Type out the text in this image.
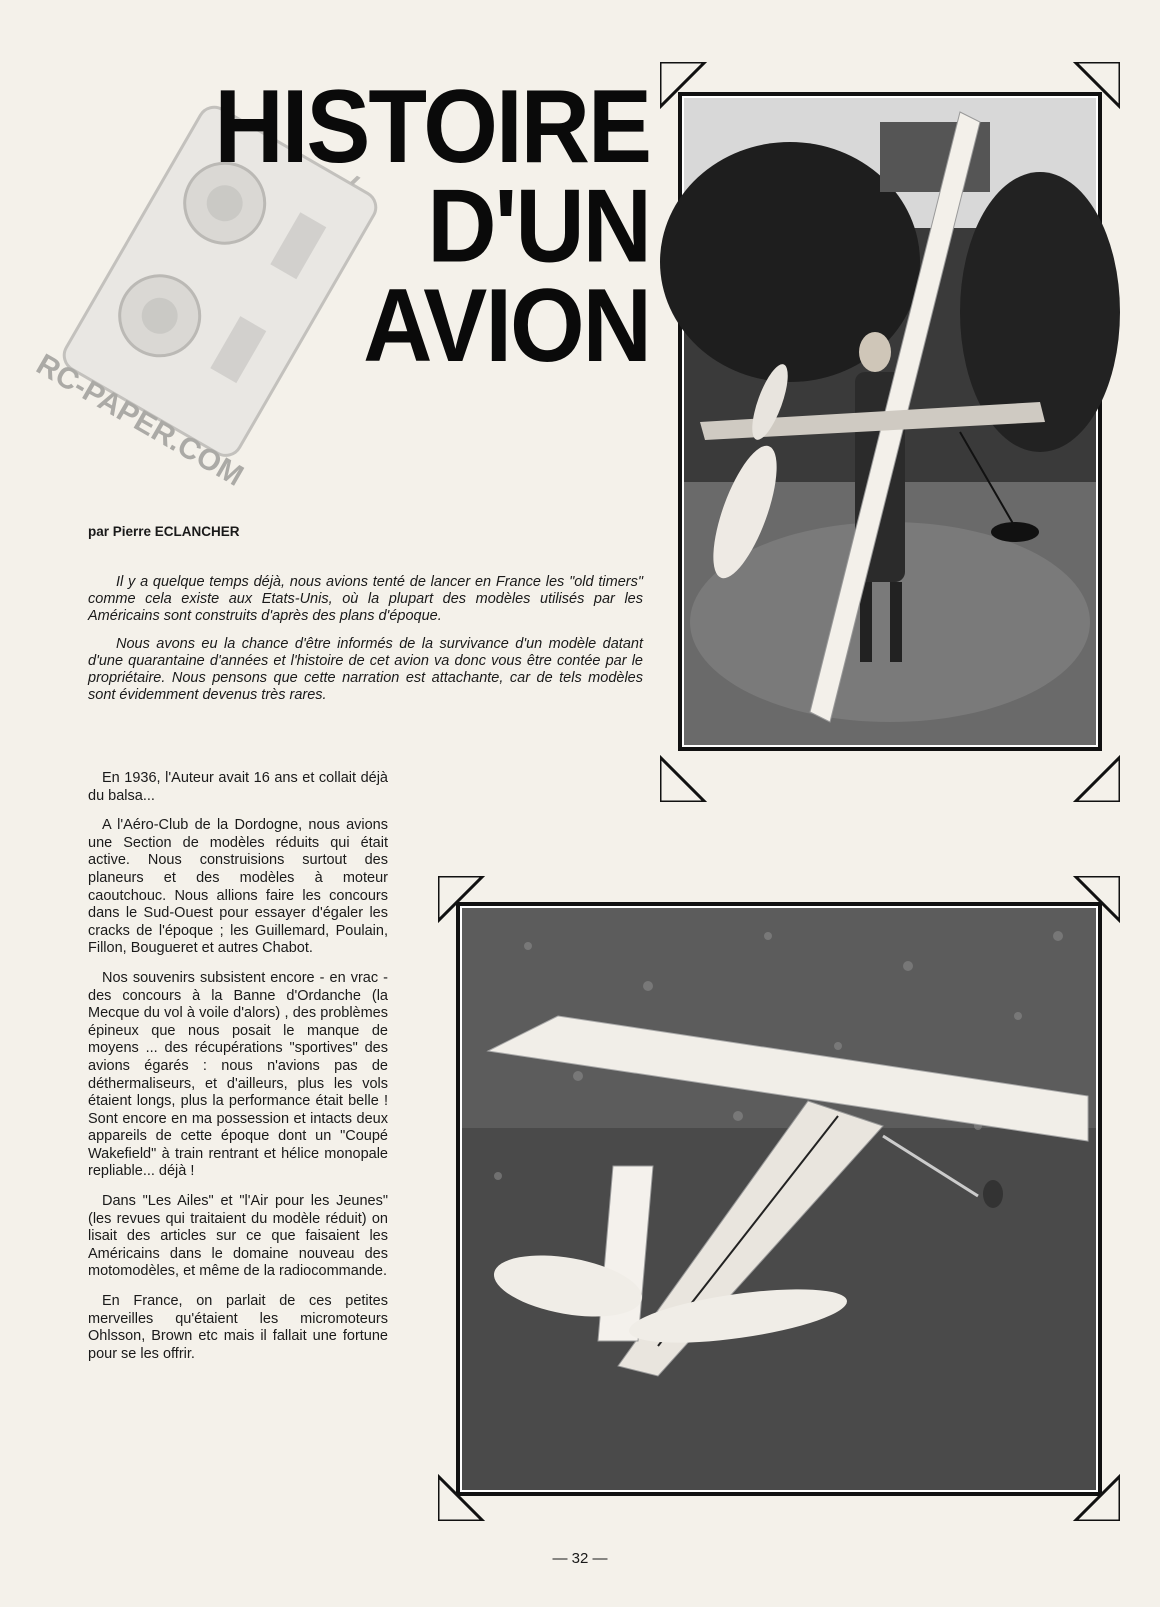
RC-PAPER.COM
HISTOIRE
D'UN
AVION
par Pierre ECLANCHER

Il y a quelque temps déjà, nous avions tenté de lancer en France les "old timers" comme cela existe aux Etats-Unis, où la plupart des modèles utilisés par les Américains sont construits d'après des plans d'époque.

Nous avons eu la chance d'être informés de la survivance d'un modèle datant d'une quarantaine d'années et l'histoire de cet avion va donc vous être contée par le propriétaire. Nous pensons que cette narration est attachante, car de tels modèles sont évidemment devenus très rares.

En 1936, l'Auteur avait 16 ans et collait déjà du balsa...

A l'Aéro-Club de la Dordogne, nous avions une Section de modèles réduits qui était active. Nous construisions surtout des planeurs et des modèles à moteur caoutchouc. Nous allions faire les concours dans le Sud-Ouest pour essayer d'égaler les cracks de l'époque ; les Guillemard, Poulain, Fillon, Bougueret et autres Chabot.

Nos souvenirs subsistent encore - en vrac - des concours à la Banne d'Ordanche (la Mecque du vol à voile d'alors) , des problèmes épineux que nous posait le manque de moyens ... des récupérations "sportives" des avions égarés : nous n'avions pas de déthermaliseurs, et d'ailleurs, plus les vols étaient longs, plus la performance était belle ! Sont encore en ma possession et intacts deux appareils de cette époque dont un "Coupé Wakefield" à train rentrant et hélice monopale repliable... déjà !

Dans "Les Ailes" et "l'Air pour les Jeunes" (les revues qui traitaient du modèle réduit) on lisait des articles sur ce que faisaient les Américains dans le domaine nouveau des motomodèles, et même de la radiocommande.

En France, on parlait de ces petites merveilles qu'étaient les micromoteurs Ohlsson, Brown etc mais il fallait une fortune pour se les offrir.

— 32 —
